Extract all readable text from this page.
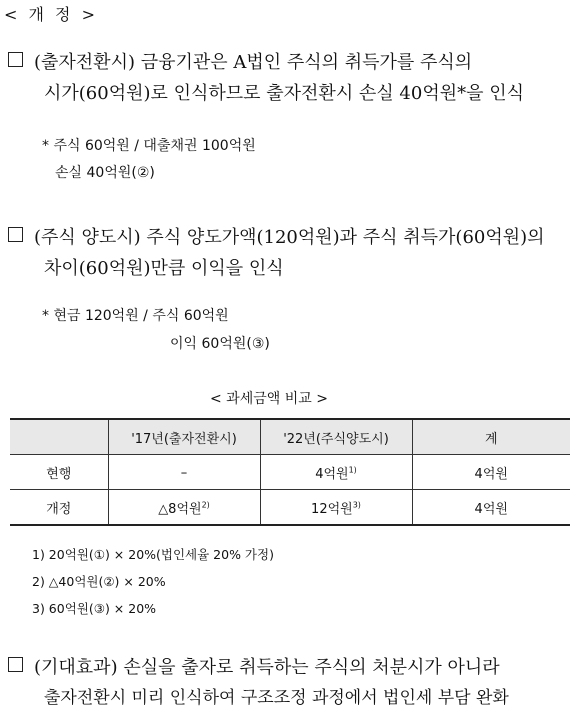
< 개 정 >
(출자전환시) 금융기관은 A법인 주식의 취득가를 주식의
시가(60억원)로 인식하므로 출자전환시 손실 40억원*을 인식
* 주식 60억원 / 대출채권 100억원
손실 40억원(②)
(주식 양도시) 주식 양도가액(120억원)과 주식 취득가(60억원)의
차이(60억원)만큼 이익을 인식
* 현금 120억원 / 주식 60억원
이익 60억원(③)
< 과세금액 비교 >
	'17년(출자전환시)	'22년(주식양도시)	계
현행	–	4억원$^{1)}$	4억원
개정	△8억원$^{2)}$	12억원$^{3)}$	4억원
1) 20억원(①) × 20%(법인세율 20% 가정)
2) △40억원(②) × 20%
3) 60억원(③) × 20%
(기대효과) 손실을 출자로 취득하는 주식의 처분시가 아니라
출자전환시 미리 인식하여 구조조정 과정에서 법인세 부담 완화
